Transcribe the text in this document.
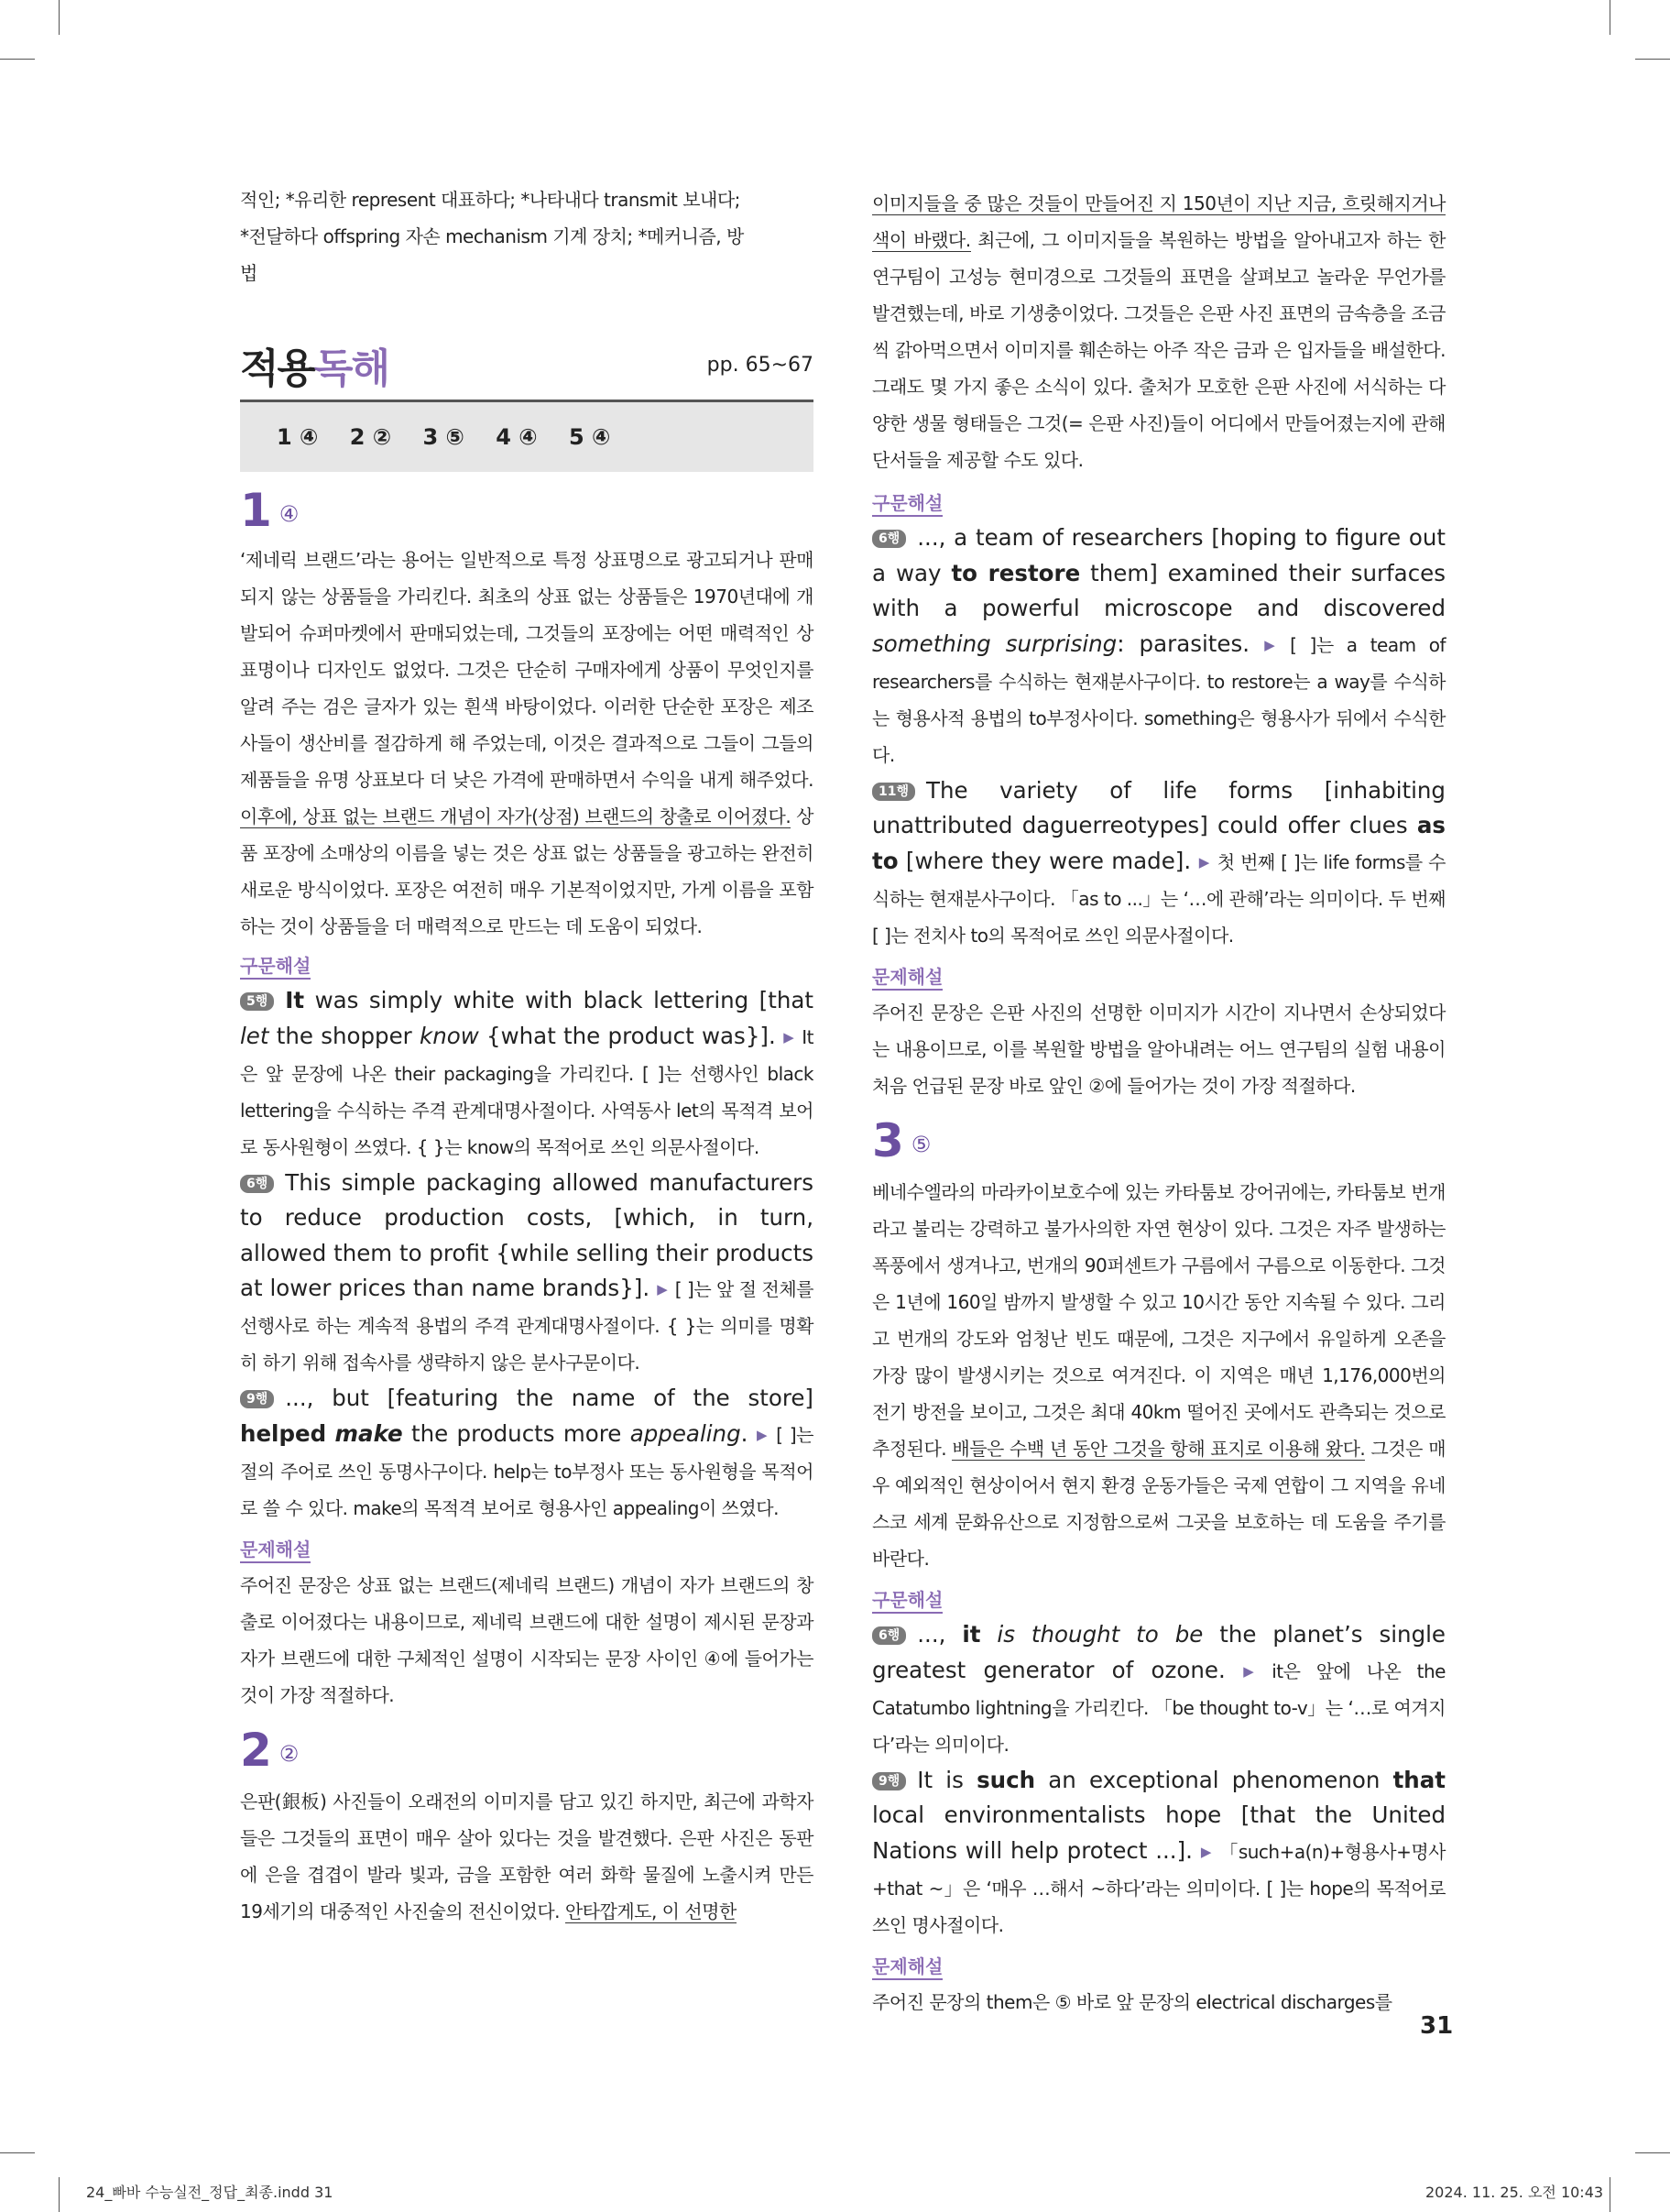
적인; *유리한 represent 대표하다; *나타내다 transmit 보내다;
*전달하다 offspring 자손 mechanism 기계 장치; *메커니즘, 방
법

적용독해	pp. 65~67
1 ④ 2 ② 3 ⑤ 4 ④ 5 ④
1 ④

‘제네릭 브랜드’라는 용어는 일반적으로 특정 상표명으로 광고되거나 판매되지 않는 상품들을 가리킨다. 최초의 상표 없는 상품들은 1970년대에 개발되어 슈퍼마켓에서 판매되었는데, 그것들의 포장에는 어떤 매력적인 상표명이나 디자인도 없었다. 그것은 단순히 구매자에게 상품이 무엇인지를 알려 주는 검은 글자가 있는 흰색 바탕이었다. 이러한 단순한 포장은 제조사들이 생산비를 절감하게 해 주었는데, 이것은 결과적으로 그들이 그들의 제품들을 유명 상표보다 더 낮은 가격에 판매하면서 수익을 내게 해주었다. 이후에, 상표 없는 브랜드 개념이 자가(상점) 브랜드의 창출로 이어졌다. 상품 포장에 소매상의 이름을 넣는 것은 상표 없는 상품들을 광고하는 완전히 새로운 방식이었다. 포장은 여전히 매우 기본적이었지만, 가게 이름을 포함하는 것이 상품들을 더 매력적으로 만드는 데 도움이 되었다.

구문해설

5행 It was simply white with black lettering [that let the shopper know {what the product was}]. ▶ It은 앞 문장에 나온 their packaging을 가리킨다. [ ]는 선행사인 black lettering을 수식하는 주격 관계대명사절이다. 사역동사 let의 목적격 보어로 동사원형이 쓰였다. { }는 know의 목적어로 쓰인 의문사절이다.

6행 This simple packaging allowed manufacturers to reduce production costs, [which, in turn, allowed them to profit {while selling their products at lower prices than name brands}]. ▶ [ ]는 앞 절 전체를 선행사로 하는 계속적 용법의 주격 관계대명사절이다. { }는 의미를 명확히 하기 위해 접속사를 생략하지 않은 분사구문이다.

9행 ..., but [featuring the name of the store] helped make the products more appealing. ▶ [ ]는 절의 주어로 쓰인 동명사구이다. help는 to부정사 또는 동사원형을 목적어로 쓸 수 있다. make의 목적격 보어로 형용사인 appealing이 쓰였다.

문제해설

주어진 문장은 상표 없는 브랜드(제네릭 브랜드) 개념이 자가 브랜드의 창출로 이어졌다는 내용이므로, 제네릭 브랜드에 대한 설명이 제시된 문장과 자가 브랜드에 대한 구체적인 설명이 시작되는 문장 사이인 ④에 들어가는 것이 가장 적절하다.

2 ②

은판(銀板) 사진들이 오래전의 이미지를 담고 있긴 하지만, 최근에 과학자들은 그것들의 표면이 매우 살아 있다는 것을 발견했다. 은판 사진은 동판에 은을 겹겹이 발라 빛과, 금을 포함한 여러 화학 물질에 노출시켜 만든 19세기의 대중적인 사진술의 전신이었다. 안타깝게도, 이 선명한

이미지들을 중 많은 것들이 만들어진 지 150년이 지난 지금, 흐릿해지거나 색이 바랬다. 최근에, 그 이미지들을 복원하는 방법을 알아내고자 하는 한 연구팀이 고성능 현미경으로 그것들의 표면을 살펴보고 놀라운 무언가를 발견했는데, 바로 기생충이었다. 그것들은 은판 사진 표면의 금속층을 조금씩 갉아먹으면서 이미지를 훼손하는 아주 작은 금과 은 입자들을 배설한다. 그래도 몇 가지 좋은 소식이 있다. 출처가 모호한 은판 사진에 서식하는 다양한 생물 형태들은 그것(= 은판 사진)들이 어디에서 만들어졌는지에 관해 단서들을 제공할 수도 있다.

구문해설

6행 ..., a team of researchers [hoping to figure out a way to restore them] examined their surfaces with a powerful microscope and discovered something surprising: parasites. ▶ [ ]는 a team of researchers를 수식하는 현재분사구이다. to restore는 a way를 수식하는 형용사적 용법의 to부정사이다. something은 형용사가 뒤에서 수식한다.

11행 The variety of life forms [inhabiting unattributed daguerreotypes] could offer clues as to [where they were made]. ▶ 첫 번째 [ ]는 life forms를 수식하는 현재분사구이다. 「as to ...」는 ‘…에 관해’라는 의미이다. 두 번째 [ ]는 전치사 to의 목적어로 쓰인 의문사절이다.

문제해설

주어진 문장은 은판 사진의 선명한 이미지가 시간이 지나면서 손상되었다는 내용이므로, 이를 복원할 방법을 알아내려는 어느 연구팀의 실험 내용이 처음 언급된 문장 바로 앞인 ②에 들어가는 것이 가장 적절하다.

3 ⑤

베네수엘라의 마라카이보호수에 있는 카타툼보 강어귀에는, 카타툼보 번개라고 불리는 강력하고 불가사의한 자연 현상이 있다. 그것은 자주 발생하는 폭풍에서 생겨나고, 번개의 90퍼센트가 구름에서 구름으로 이동한다. 그것은 1년에 160일 밤까지 발생할 수 있고 10시간 동안 지속될 수 있다. 그리고 번개의 강도와 엄청난 빈도 때문에, 그것은 지구에서 유일하게 오존을 가장 많이 발생시키는 것으로 여겨진다. 이 지역은 매년 1,176,000번의 전기 방전을 보이고, 그것은 최대 40km 떨어진 곳에서도 관측되는 것으로 추정된다. 배들은 수백 년 동안 그것을 항해 표지로 이용해 왔다. 그것은 매우 예외적인 현상이어서 현지 환경 운동가들은 국제 연합이 그 지역을 유네스코 세계 문화유산으로 지정함으로써 그곳을 보호하는 데 도움을 주기를 바란다.

구문해설

6행 ..., it is thought to be the planet’s single greatest generator of ozone. ▶ it은 앞에 나온 the Catatumbo lightning을 가리킨다. 「be thought to-v」는 ‘…로 여겨지다’라는 의미이다.

9행 It is such an exceptional phenomenon that local environmentalists hope [that the United Nations will help protect ...]. ▶ 「such+a(n)+형용사+명사+that ~」은 ‘매우 …해서 ~하다’라는 의미이다. [ ]는 hope의 목적어로 쓰인 명사절이다.

문제해설

주어진 문장의 them은 ⑤ 바로 앞 문장의 electrical discharges를

31
24_빠바 수능실전_정답_최종.indd 31	2024. 11. 25. 오전 10:43
